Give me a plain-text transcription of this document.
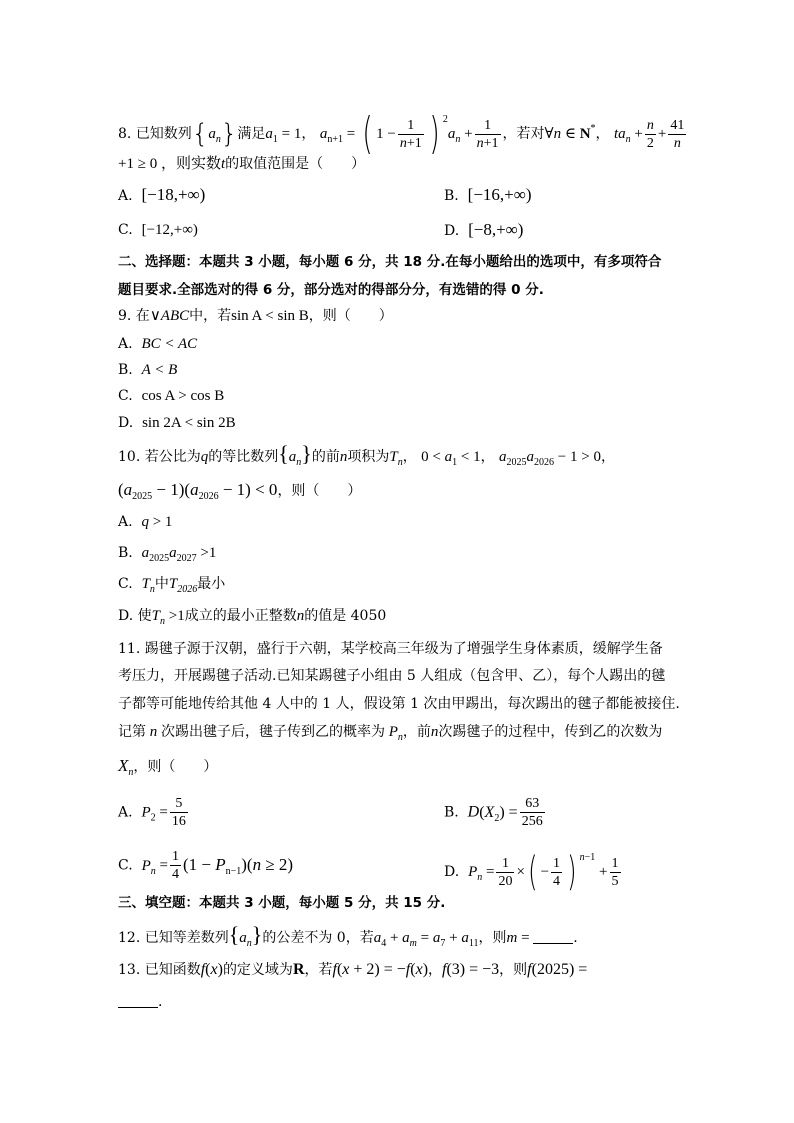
8. 已知数列$\{a_n\}$满足$a_1 = 1$， $a_{n+1}$ = ( $1 - \frac{1}{n+1}$ ) $^2a_n + \frac{1}{n+1}$ ，若对∀n ∈ N*， $ta_n + \frac{n}{2} + \frac{41}{n}$
+1 ≥ 0 ，则实数t的取值范围是（　　）
A. [−18,+∞)	B. [−16,+∞)
C. [−12,+∞)	D. [−8,+∞)
二、选择题：本题共 3 小题，每小题 6 分，共 18 分.在每小题给出的选项中，有多项符合
题目要求.全部选对的得 6 分，部分选对的得部分分，有选错的得 0 分.
9. 在∨ABC中，若sin A < sin B，则（　　）
A. BC < AC
B. A < B
C. cos A > cos B
D. sin 2A < sin 2B
10. 若公比为q的等比数列$\{a_n\}$的前n项积为$T_n$， $0 < a_1 < 1$， $a_{2025}a_{2026} - 1 > 0$，
$(a_{2025} - 1)(a_{2026} - 1) < 0$，则（　　）
A. q > 1
B. $a_{2025}a_{2027} >1$
C. $T_n$中$T_{2026}$最小
D. 使$T_n >1$成立的最小正整数n的值是 4050
11. 踢毽子源于汉朝，盛行于六朝，某学校高三年级为了增强学生身体素质，缓解学生备
考压力，开展踢毽子活动.已知某踢毽子小组由 5 人组成（包含甲、乙），每个人踢出的毽
子都等可能地传给其他 4 人中的 1 人，假设第 1 次由甲踢出，每次踢出的毽子都能被接住.
记第 n 次踢出毽子后，毽子传到乙的概率为 $P_n$，前n次踢毽子的过程中，传到乙的次数为
$X_n$，则（　　）
A. $P_2 = \frac{5}{16}$	B. $D(X_2) = \frac{63}{256}$
C. $P_n = \frac{1}{4} (1 - P_{n-1})(n \ge 2)$	D. $P_n = \frac{1}{20}$ ×( − $\frac{1}{4}$ ) $^{n-1} + \frac{1}{5}$
三、填空题：本题共 3 小题，每小题 5 分，共 15 分.
12. 已知等差数列$\{a_n\}$的公差不为 0，若$a_4 + a_m = a_7 + a_{11}$，则m =	.
13. 已知函数f(x)的定义域为R，若f(x + 2) = −f(x)，f(3) = −3，则f(2025) =
.
